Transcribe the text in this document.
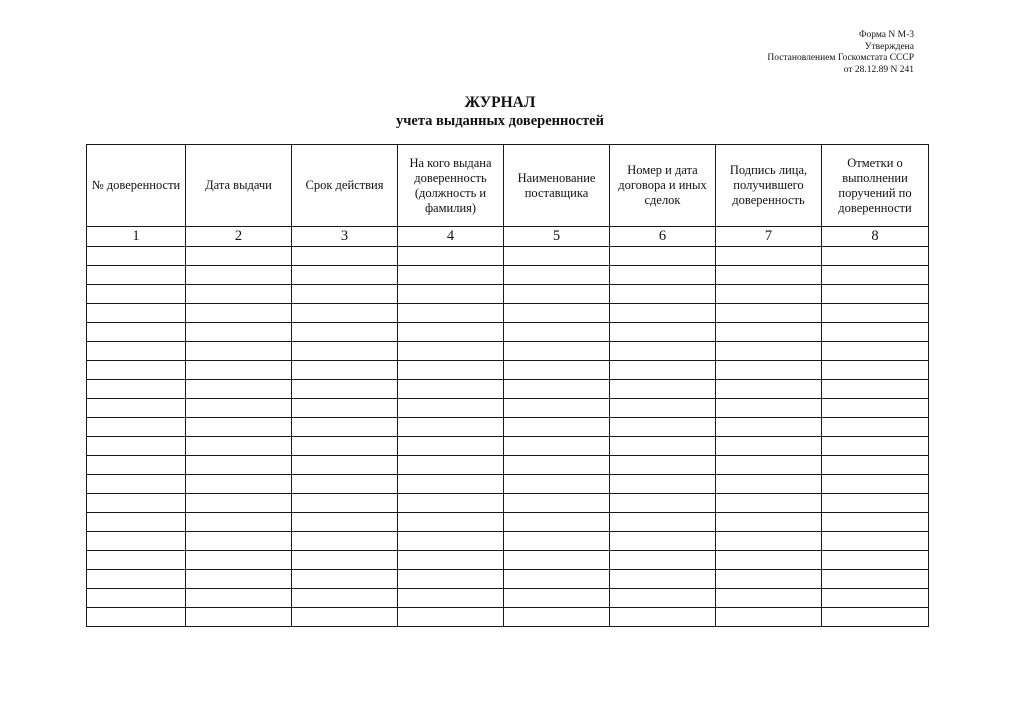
Форма N М-3
Утверждена
Постановлением Госкомстата СССР
от 28.12.89 N 241
ЖУРНАЛ
учета выданных доверенностей
№ доверенности	Дата выдачи	Срок действия	На кого выдана доверенность (должность и фамилия)	Наименование поставщика	Номер и дата договора и иных сделок	Подпись лица, получившего доверенность	Отметки о выполнении поручений по доверенности
1	2	3	4	5	6	7	8
